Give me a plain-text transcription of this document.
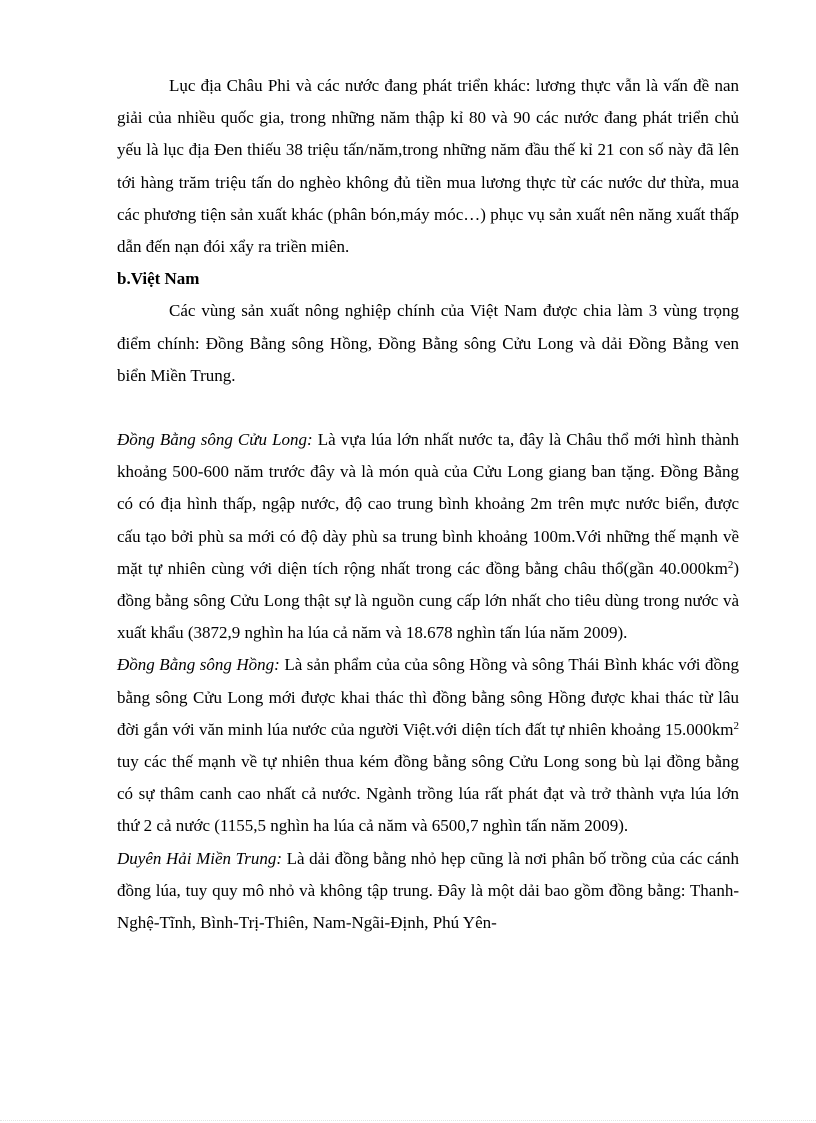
Lục địa Châu Phi và các nước đang phát triển khác: lương thực vẫn là vấn đề nan giải của nhiều quốc gia, trong những năm thập kỉ 80 và 90 các nước đang phát triển chủ yếu là lục địa Đen thiếu 38 triệu tấn/năm,trong những năm đầu thế kỉ 21 con số này đã lên tới hàng trăm triệu tấn do nghèo không đủ tiền mua lương thực từ các nước dư thừa, mua các phương tiện sản xuất khác (phân bón,máy móc…) phục vụ sản xuất nên năng xuất thấp dẫn đến nạn đói xẩy ra triền miên.

b.Việt Nam

Các vùng sản xuất nông nghiệp chính của Việt Nam được chia làm 3 vùng trọng điểm chính: Đồng Bằng sông Hồng, Đồng Bằng sông Cửu Long và dải Đồng Bằng ven biển Miền Trung.

Đồng Bằng sông Cửu Long: Là vựa lúa lớn nhất nước ta, đây là Châu thổ mới hình thành khoảng 500-600 năm trước đây và là món quà của Cửu Long giang ban tặng. Đồng Bằng có có địa hình thấp, ngập nước, độ cao trung bình khoảng 2m trên mực nước biển, được cấu tạo bởi phù sa mới có độ dày phù sa trung bình khoảng 100m.Với những thế mạnh về mặt tự nhiên cùng với diện tích rộng nhất trong các đồng bằng châu thổ(gần $40.000km^2$) đồng bằng sông Cửu Long thật sự là nguồn cung cấp lớn nhất cho tiêu dùng trong nước và xuất khẩu (3872,9 nghìn ha lúa cả năm và 18.678 nghìn tấn lúa năm 2009).

Đồng Bằng sông Hồng: Là sản phẩm của của sông Hồng và sông Thái Bình khác với đồng bằng sông Cửu Long mới được khai thác thì đồng bằng sông Hồng được khai thác từ lâu đời gắn với văn minh lúa nước của người Việt.với diện tích đất tự nhiên khoảng $15.000km^2$ tuy các thế mạnh về tự nhiên thua kém đồng bằng sông Cửu Long song bù lại đồng bằng có sự thâm canh cao nhất cả nước. Ngành trồng lúa rất phát đạt và trở thành vựa lúa lớn thứ 2 cả nước (1155,5 nghìn ha lúa cả năm và 6500,7 nghìn tấn năm 2009).

Duyên Hải Miền Trung: Là dải đồng bằng nhỏ hẹp cũng là nơi phân bố trồng của các cánh đồng lúa, tuy quy mô nhỏ và không tập trung. Đây là một dải bao gồm đồng bằng: Thanh-Nghệ-Tĩnh, Bình-Trị-Thiên, Nam-Ngãi-Định, Phú Yên-
